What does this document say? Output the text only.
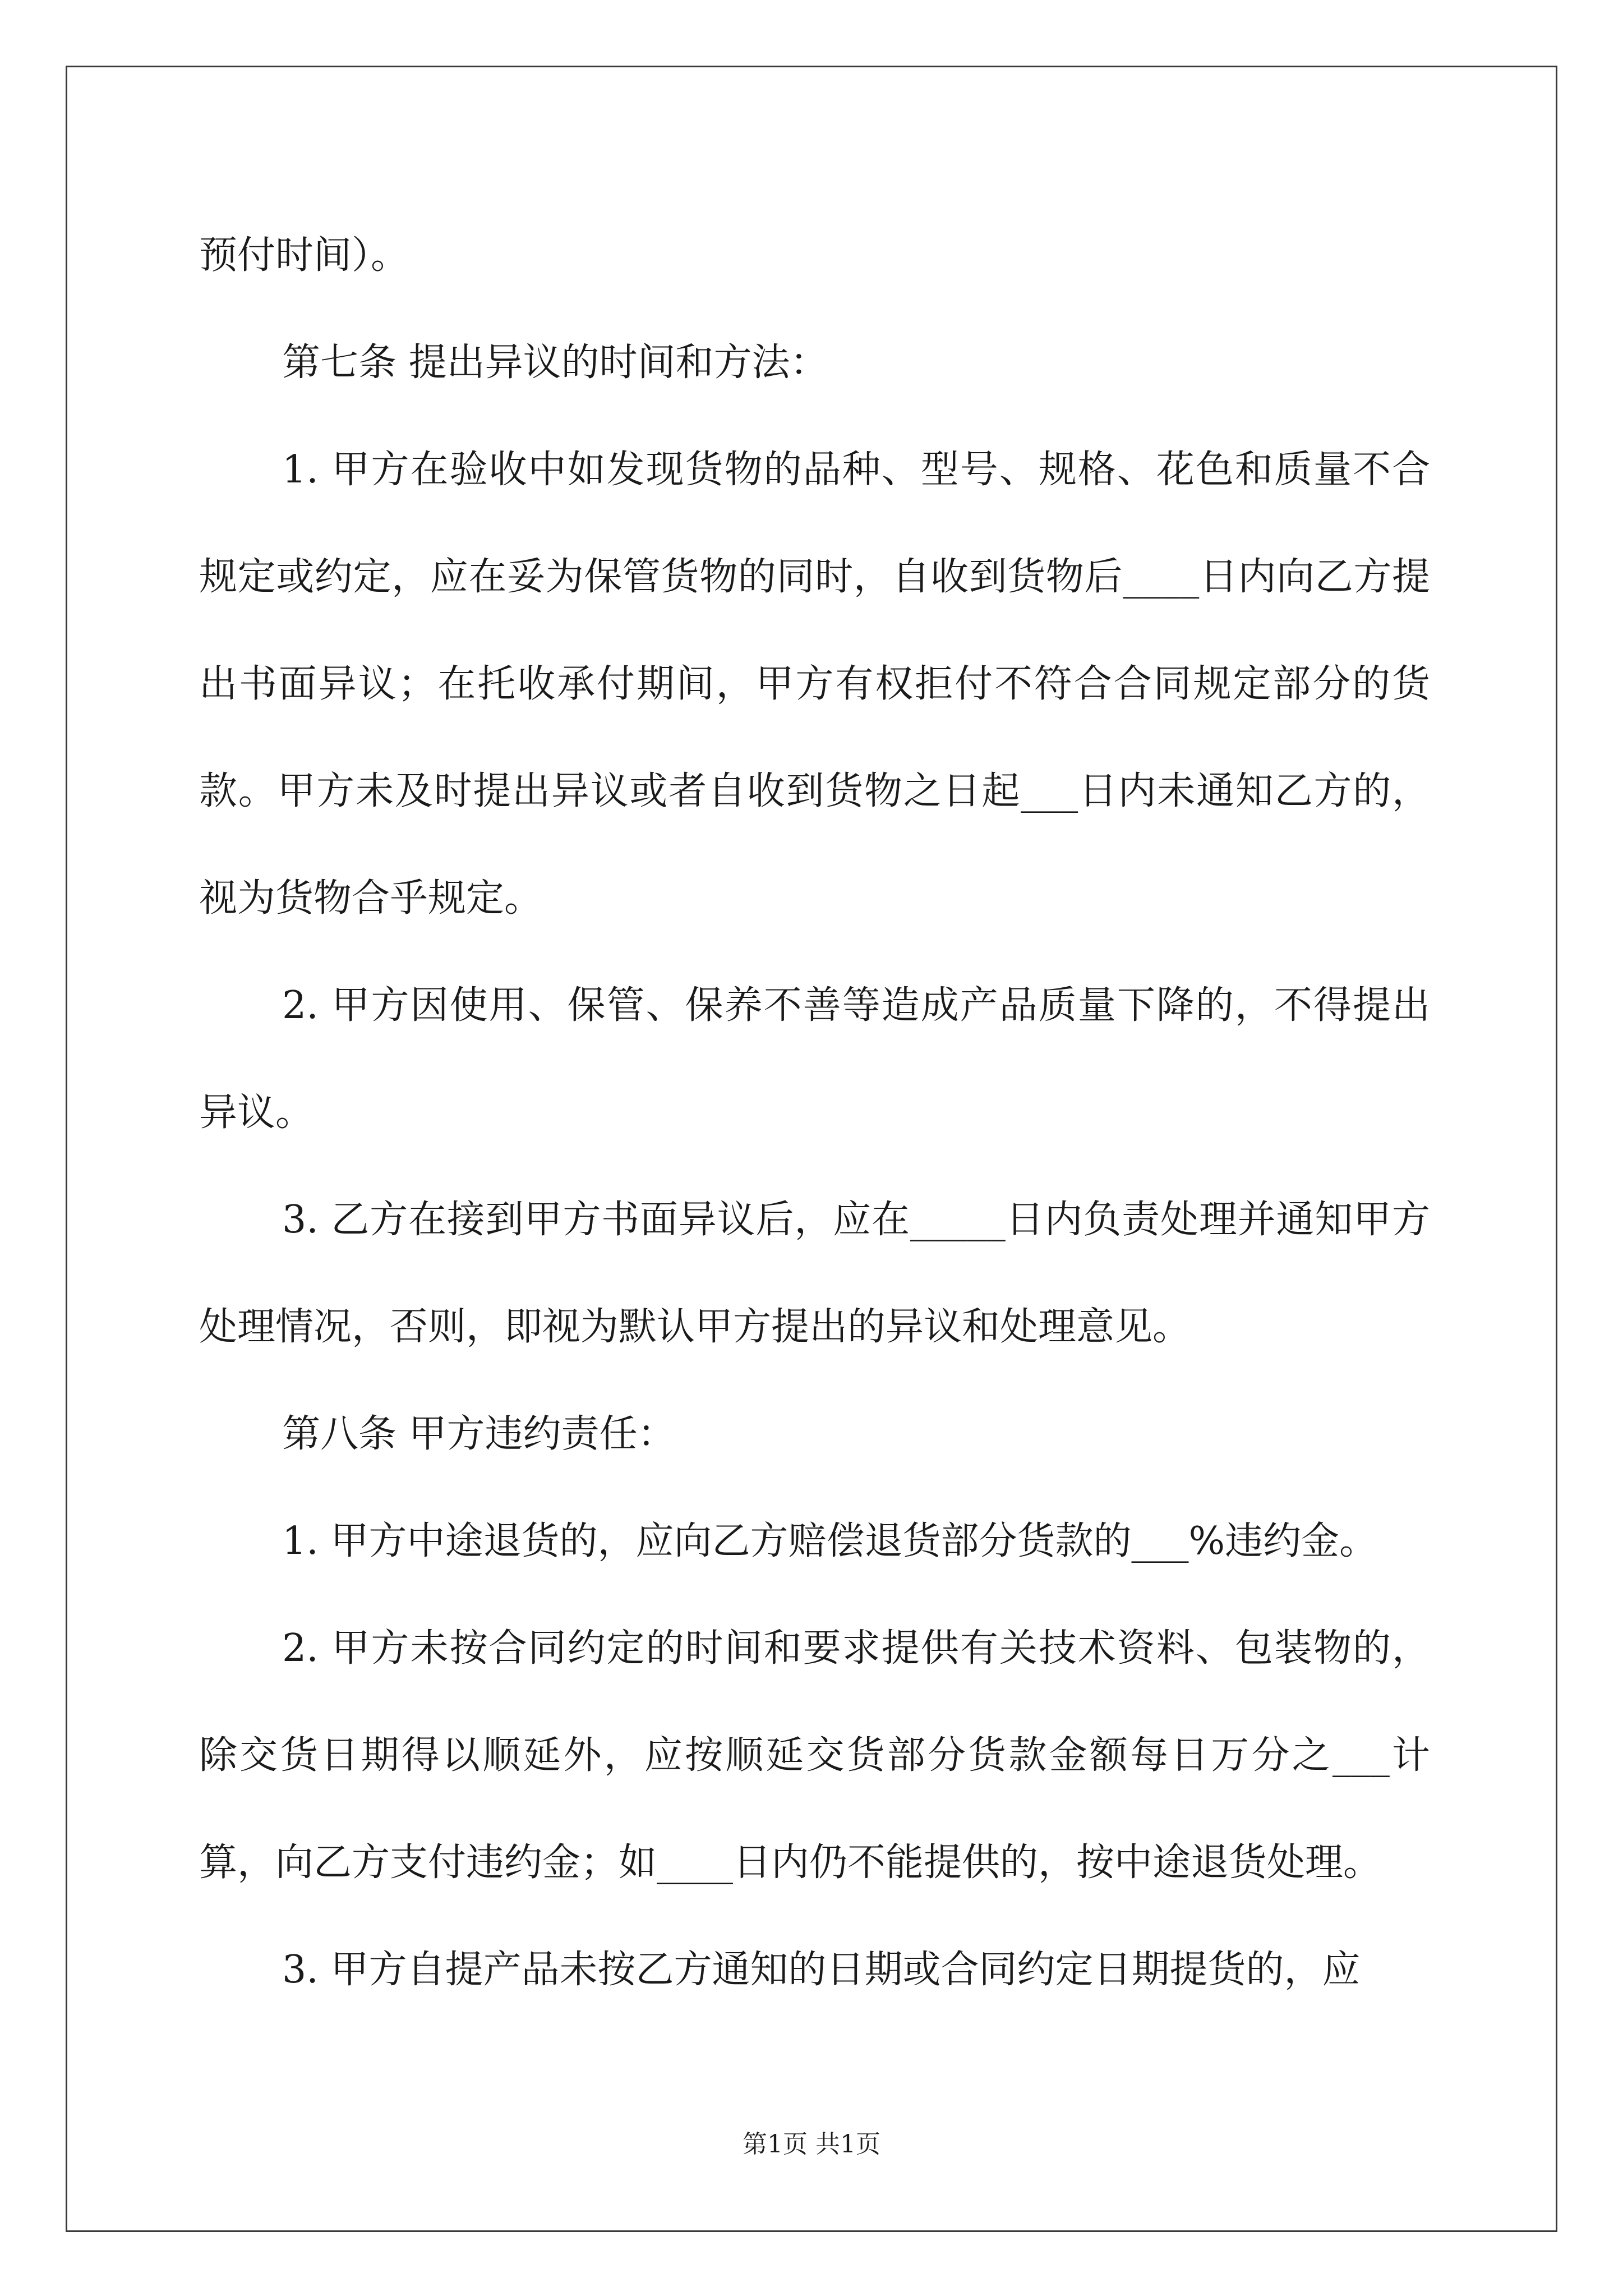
预付时间）。

第七条 提出异议的时间和方法：

1. 甲方在验收中如发现货物的品种、型号、规格、花色和质量不合规定或约定，应在妥为保管货物的同时，自收到货物后____日内向乙方提出书面异议；在托收承付期间，甲方有权拒付不符合合同规定部分的货款。甲方未及时提出异议或者自收到货物之日起___日内未通知乙方的，视为货物合乎规定。

2. 甲方因使用、保管、保养不善等造成产品质量下降的，不得提出异议。

3. 乙方在接到甲方书面异议后，应在_____日内负责处理并通知甲方处理情况，否则，即视为默认甲方提出的异议和处理意见。

第八条 甲方违约责任：

1. 甲方中途退货的，应向乙方赔偿退货部分货款的___%违约金。

2. 甲方未按合同约定的时间和要求提供有关技术资料、包装物的，除交货日期得以顺延外，应按顺延交货部分货款金额每日万分之___计算，向乙方支付违约金；如____日内仍不能提供的，按中途退货处理。

3. 甲方自提产品未按乙方通知的日期或合同约定日期提货的，应

第1页 共1页
